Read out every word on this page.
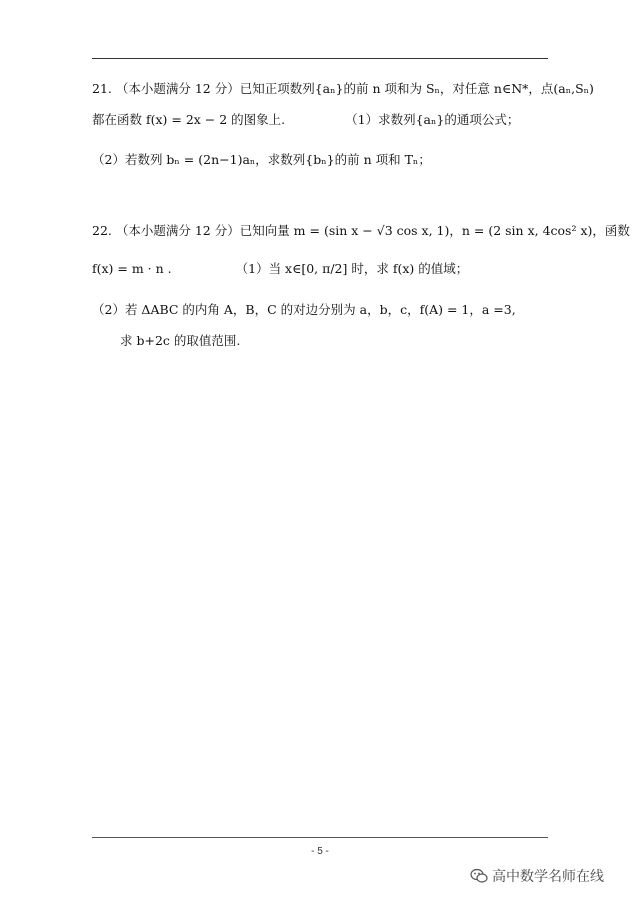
21. （本小题满分 12 分）已知正项数列{aₙ}的前 n 项和为 Sₙ，对任意 n∈N*，点(aₙ,Sₙ)
都在函数 f(x) = 2x − 2 的图象上.	（1）求数列{aₙ}的通项公式；
（2）若数列 bₙ = (2n−1)aₙ，求数列{bₙ}的前 n 项和 Tₙ；
22. （本小题满分 12 分）已知向量 m = (sin x − √3 cos x, 1)，n = (2 sin x, 4cos² x)，函数
f(x) = m · n .	（1）当 x∈[0, π/2] 时，求 f(x) 的值域；
（2）若 ΔABC 的内角 A，B，C 的对边分别为 a，b，c，f(A) = 1，a =3,
求 b+2c 的取值范围.
- 5 -
高中数学名师在线
